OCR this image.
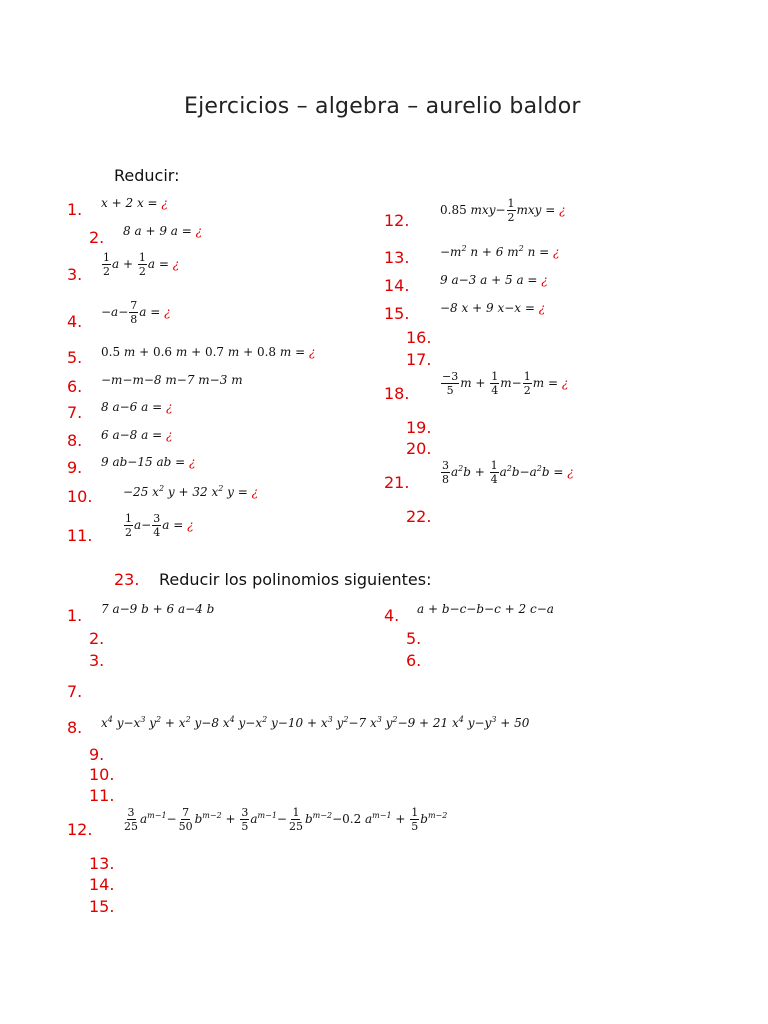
Ejercicios – algebra – aurelio baldor
Reducir:
1. x + 2 x = ¿
2. 8 a + 9 a = ¿
3. $\frac{1}{2}$ $a + \frac{1}{2}$ a = ¿
4. $-a- \frac{7}{8}$ a = ¿
5. 0.5 m + 0.6 m + 0.7 m + 0.8 m = ¿
6. −m−m−8 m−7 m−3 m
7. 8 a−6 a = ¿
8. 6 a−8 a = ¿
9. 9 ab−15 ab = ¿
10.	−25 $x^2$ y + 32 $x^2$ y = ¿
11.	$\frac{1}{2} a- \frac{3}{4}$ a = ¿
12.
0.85 $mxy- \frac{1}{2}$ mxy = ¿
13.	$-m^2$ n + 6 $m^2$ n = ¿
14.	9 a−3 a + 5 a = ¿
15.	−8 x + 9 x−x = ¿
16.
17.
18.	$\frac{-3}{5}$ $m + \frac{1}{4} m- \frac{1}{2}$ m = ¿
19.
20.
21.	$\frac{3}{8} a^2b + \frac{1}{4} a^2b-a^2b$ = ¿
22.
23. Reducir los polinomios siguientes:
1. 7 a−9 b + 6 a−4 b
2.
3.
4. a + b−c−b−c + 2 c−a
5.
6.
7.
8. $x^4$ $y-x^3$ $y^2 + x^2$ y−8 $x^4$ $y-x^2$ $y-10 + x^3$ $y^2-7$ $x^3$ $y^2-9 + 21$ $x^4$ $y-y^3 + 50$
9.
10.
11.
12.	$\frac{3}{25} a^{m-1}- \frac{7}{50} b^{m-2} + \frac{3}{5} a^{m-1}- \frac{1}{25} b^{m-2}-0.2$ $a^{m-1} + \frac{1}{5} b^{m-2}$
13.
14.
15.
